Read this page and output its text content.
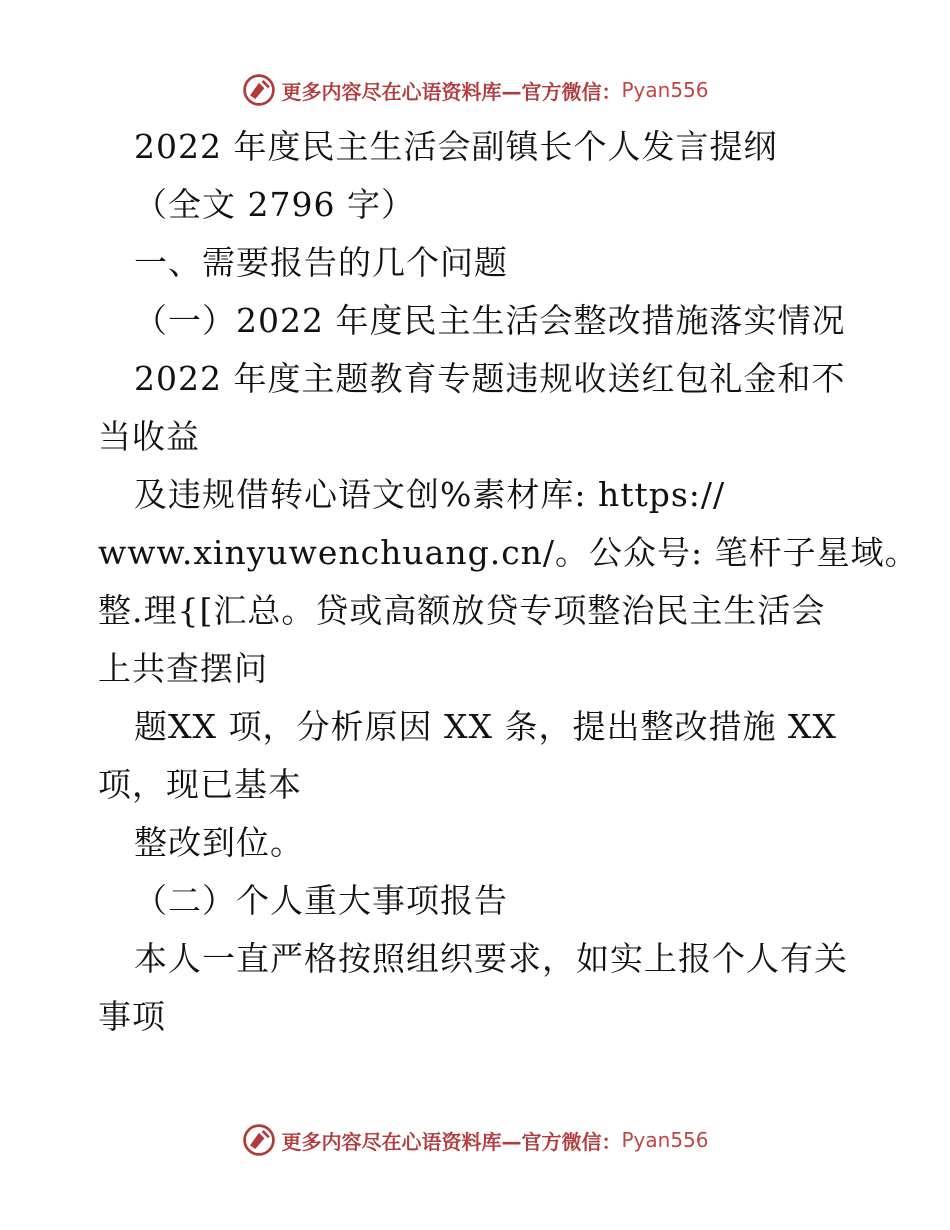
更多内容尽在心语资料库—官方微信： Pyan556

2022 年度民主生活会副镇长个人发言提纲

（全文 2796 字）

一、需要报告的几个问题

（一）2022 年度民主生活会整改措施落实情况

2022 年度主题教育专题违规收送红包礼金和不

当收益

及违规借转心语文创%素材库: https://

www.xinyuwenchuang.cn/。公众号: 笔杆子星域。

整.理{[汇总。贷或高额放贷专项整治民主生活会

上共查摆问

题XX 项，分析原因 XX 条，提出整改措施 XX

项，现已基本

整改到位。

（二）个人重大事项报告

本人一直严格按照组织要求，如实上报个人有关

事项

更多内容尽在心语资料库—官方微信： Pyan556
